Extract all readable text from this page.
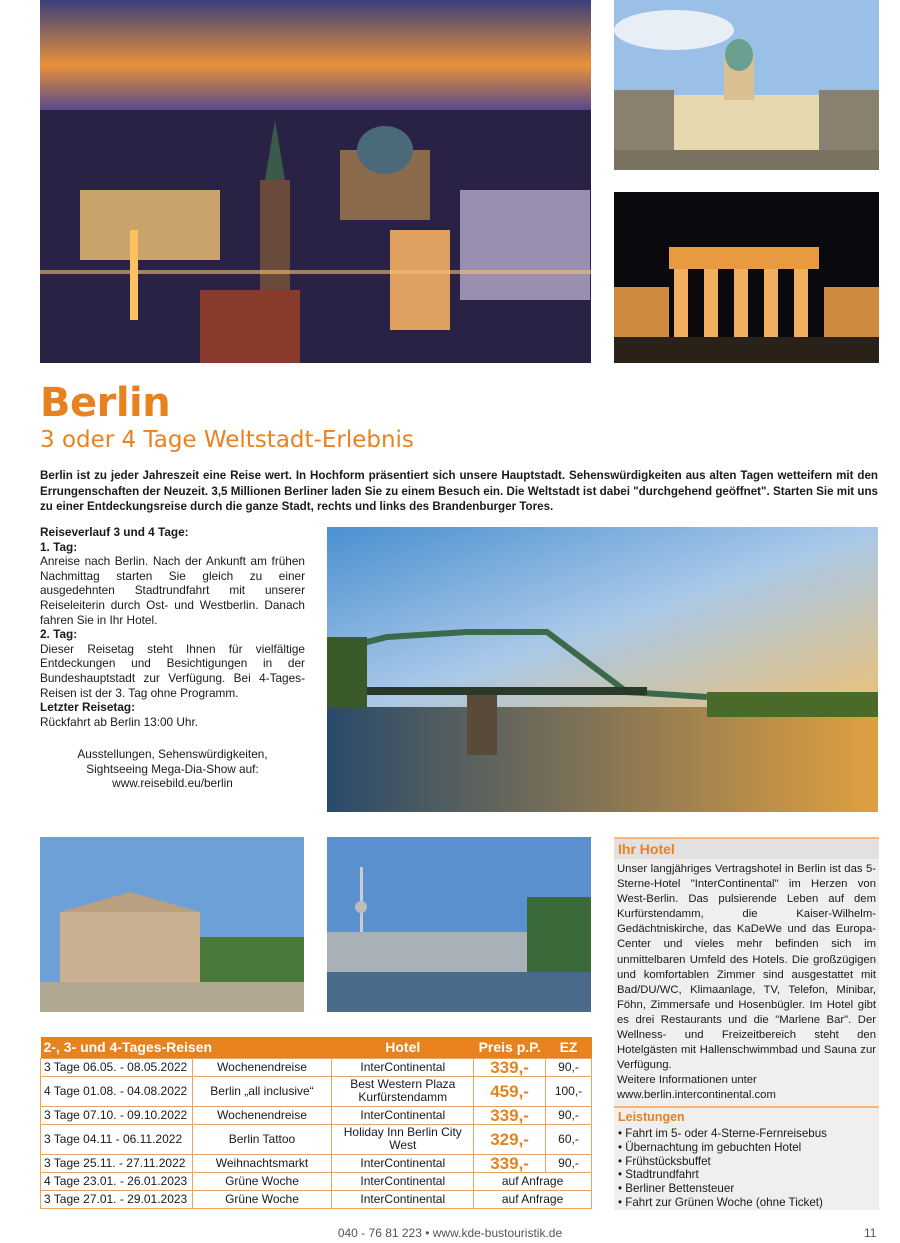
Berlin
3 oder 4 Tage Weltstadt-Erlebnis
Berlin ist zu jeder Jahreszeit eine Reise wert. In Hochform präsentiert sich unsere Hauptstadt. Sehenswürdigkeiten aus alten Tagen wetteifern mit den Errungenschaften der Neuzeit. 3,5 Millionen Berliner laden Sie zu einem Besuch ein. Die Weltstadt ist dabei "durchgehend geöffnet". Starten Sie mit uns zu einer Entdeckungsreise durch die ganze Stadt, rechts und links des Brandenburger Tores.
Reiseverlauf 3 und 4 Tage:
1. Tag:

Anreise nach Berlin. Nach der Ankunft am frühen Nachmittag starten Sie gleich zu einer ausgedehnten Stadtrundfahrt mit unserer Reiseleiterin durch Ost- und Westberlin. Danach fahren Sie in Ihr Hotel.

2. Tag:

Dieser Reisetag steht Ihnen für vielfältige Entdeckungen und Besichtigungen in der Bundeshauptstadt zur Verfügung. Bei 4-Tages-Reisen ist der 3. Tag ohne Programm.

Letzter Reisetag:

Rückfahrt ab Berlin 13:00 Uhr.

Ausstellungen, Sehenswürdigkeiten,
Sightseeing Mega-Dia-Show auf:
www.reisebild.eu/berlin
Ihr Hotel

Unser langjähriges Vertragshotel in Berlin ist das 5-Sterne-Hotel "InterContinental" im Herzen von West-Berlin. Das pulsierende Leben auf dem Kurfürstendamm, die Kaiser-Wilhelm-Gedächtniskirche, das KaDeWe und das Europa-Center und vieles mehr befinden sich im unmittelbaren Umfeld des Hotels. Die großzügigen und komfortablen Zimmer sind ausgestattet mit Bad/DU/WC, Klimaanlage, TV, Telefon, Minibar, Föhn, Zimmersafe und Hosenbügler. Im Hotel gibt es drei Restaurants und die "Marlene Bar". Der Wellness- und Freizeitbereich steht den Hotelgästen mit Hallenschwimmbad und Sauna zur Verfügung.

Weitere Informationen unter

www.berlin.intercontinental.com

Leistungen
• Fahrt im 5- oder 4-Sterne-Fernreisebus
• Übernachtung im gebuchten Hotel
• Frühstücksbuffet
• Stadtrundfahrt
• Berliner Bettensteuer
• Fahrt zur Grünen Woche (ohne Ticket)
2-, 3- und 4-Tages-Reisen		Hotel	Preis p.P.	EZ
3 Tage 06.05. - 08.05.2022	Wochenendreise	InterContinental	339,-	90,-
4 Tage 01.08. - 04.08.2022	Berlin „all inclusive“	Best Western Plaza Kurfürstendamm	459,-	100,-
3 Tage 07.10. - 09.10.2022	Wochenendreise	InterContinental	339,-	90,-
3 Tage 04.11 - 06.11.2022	Berlin Tattoo	Holiday Inn Berlin City West	329,-	60,-
3 Tage 25.11. - 27.11.2022	Weihnachtsmarkt	InterContinental	339,-	90,-
4 Tage 23.01. - 26.01.2023	Grüne Woche	InterContinental	auf Anfrage	
3 Tage 27.01. - 29.01.2023	Grüne Woche	InterContinental	auf Anfrage	
040 - 76 81 223 • www.kde-bustouristik.de	11
